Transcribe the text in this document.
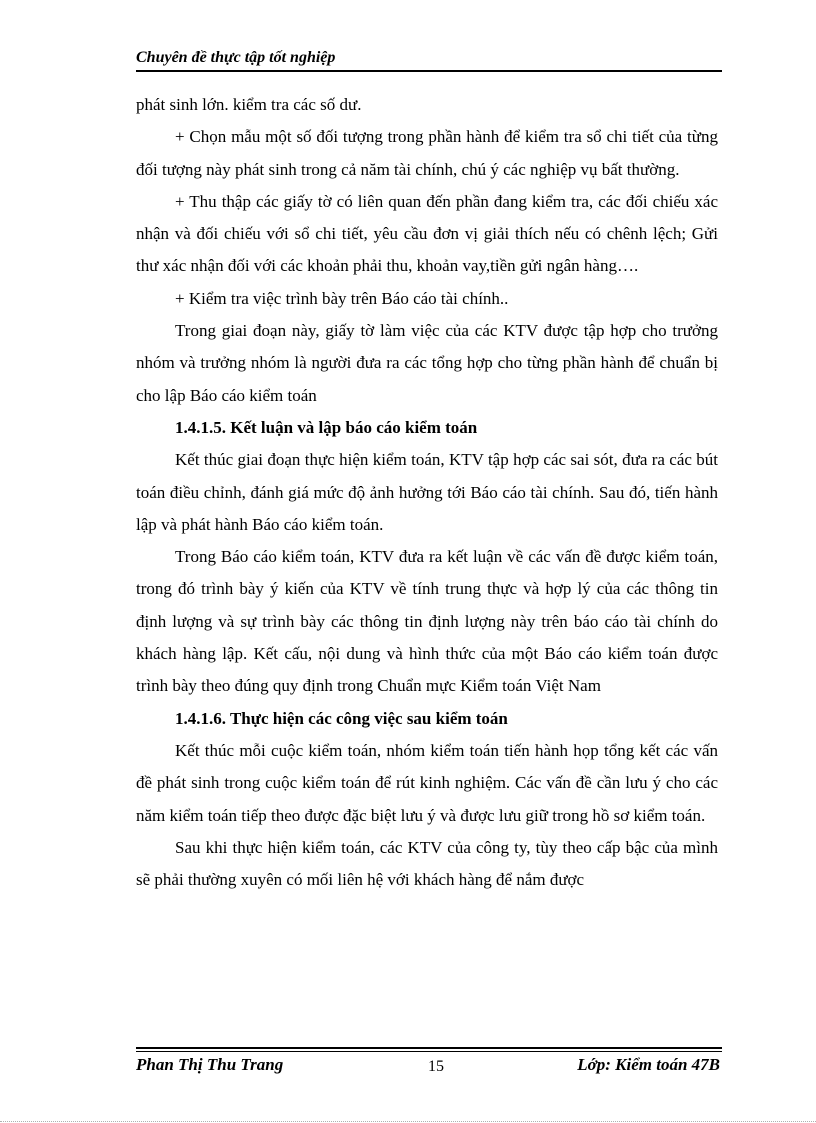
Chuyên đề thực tập tốt nghiệp

phát sinh lớn. kiểm tra các số dư.

+ Chọn mẫu một số đối tượng trong phần hành để kiểm tra sổ chi tiết của từng đối tượng này phát sinh trong cả năm tài chính, chú ý các nghiệp vụ bất thường.

+ Thu thập các giấy tờ có liên quan đến phần đang kiểm tra, các đối chiếu xác nhận và đối chiếu với sổ chi tiết, yêu cầu đơn vị giải thích nếu có chênh lệch; Gửi thư xác nhận đối với các khoản phải thu, khoản vay,tiền gửi ngân hàng….

+ Kiểm tra việc trình bày trên Báo cáo tài chính..

Trong giai đoạn này, giấy tờ làm việc của các KTV được tập hợp cho trưởng nhóm và trưởng nhóm là người đưa ra các tổng hợp cho từng phần hành để chuẩn bị cho lập Báo cáo kiểm toán

1.4.1.5. Kết luận và lập báo cáo kiểm toán

Kết thúc giai đoạn thực hiện kiểm toán, KTV tập hợp các sai sót, đưa ra các bút toán điều chỉnh, đánh giá mức độ ảnh hưởng tới Báo cáo tài chính. Sau đó, tiến hành lập và phát hành Báo cáo kiểm toán.

Trong Báo cáo kiểm toán, KTV đưa ra kết luận về các vấn đề được kiểm toán, trong đó trình bày ý kiến của KTV về tính trung thực và hợp lý của các thông tin định lượng và sự trình bày các thông tin định lượng này trên báo cáo tài chính do khách hàng lập. Kết cấu, nội dung và hình thức của một Báo cáo kiểm toán được trình bày theo đúng quy định trong Chuẩn mực Kiểm toán Việt Nam

1.4.1.6. Thực hiện các công việc sau kiểm toán

Kết thúc mỗi cuộc kiểm toán, nhóm kiểm toán tiến hành họp tổng kết các vấn đề phát sinh trong cuộc kiểm toán để rút kinh nghiệm. Các vấn đề cần lưu ý cho các năm kiểm toán tiếp theo được đặc biệt lưu ý và được lưu giữ trong hồ sơ kiểm toán.

Sau khi thực hiện kiểm toán, các KTV của công ty, tùy theo cấp bậc của mình sẽ phải thường xuyên có mối liên hệ với khách hàng để nắm được

Phan Thị Thu Trang	15	Lớp: Kiểm toán 47B
